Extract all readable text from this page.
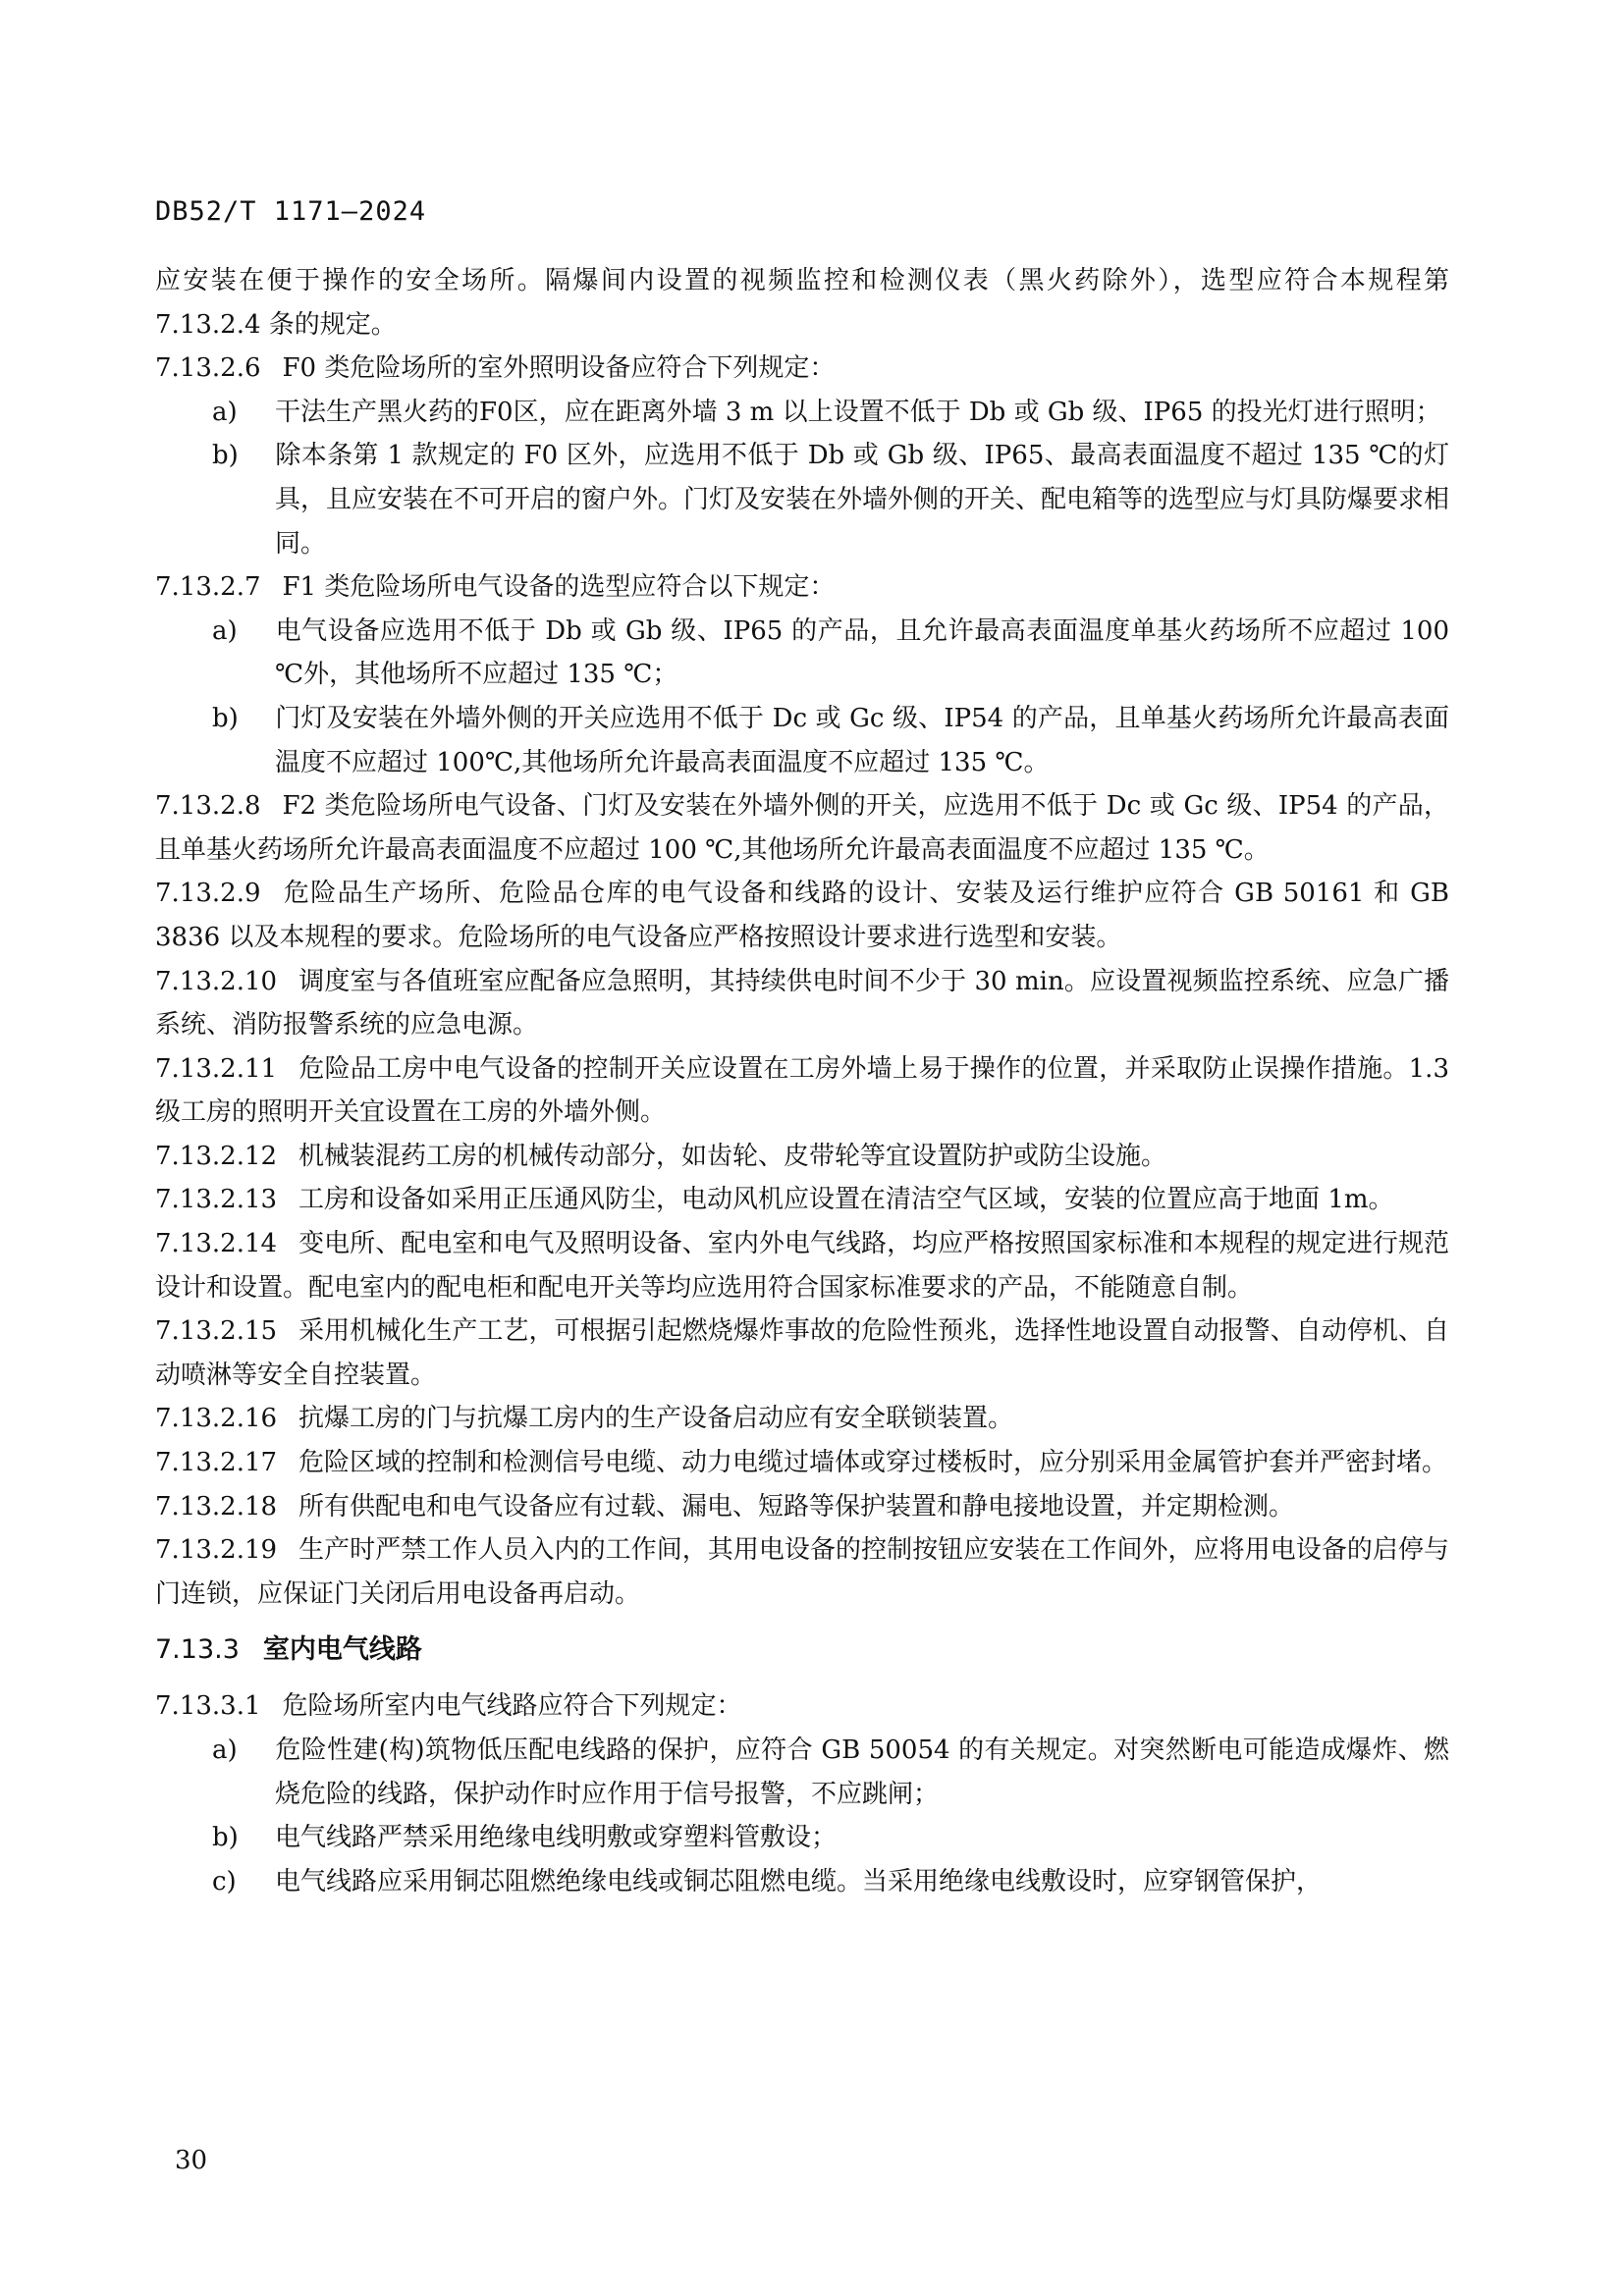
DB52/T 1171—2024

应安装在便于操作的安全场所。隔爆间内设置的视频监控和检测仪表（黑火药除外），选型应符合本规程第 7.13.2.4 条的规定。

7.13.2.6 F0 类危险场所的室外照明设备应符合下列规定：

a) 干法生产黑火药的F0区，应在距离外墙 3 m 以上设置不低于 Db 或 Gb 级、IP65 的投光灯进行照明；

b) 除本条第 1 款规定的 F0 区外，应选用不低于 Db 或 Gb 级、IP65、最高表面温度不超过 135 ℃的灯具，且应安装在不可开启的窗户外。门灯及安装在外墙外侧的开关、配电箱等的选型应与灯具防爆要求相同。

7.13.2.7 F1 类危险场所电气设备的选型应符合以下规定：

a) 电气设备应选用不低于 Db 或 Gb 级、IP65 的产品，且允许最高表面温度单基火药场所不应超过 100 ℃外，其他场所不应超过 135 ℃；

b) 门灯及安装在外墙外侧的开关应选用不低于 Dc 或 Gc 级、IP54 的产品，且单基火药场所允许最高表面温度不应超过 100℃,其他场所允许最高表面温度不应超过 135 ℃。

7.13.2.8 F2 类危险场所电气设备、门灯及安装在外墙外侧的开关，应选用不低于 Dc 或 Gc 级、IP54 的产品，且单基火药场所允许最高表面温度不应超过 100 ℃,其他场所允许最高表面温度不应超过 135 ℃。

7.13.2.9 危险品生产场所、危险品仓库的电气设备和线路的设计、安装及运行维护应符合 GB 50161 和 GB 3836 以及本规程的要求。危险场所的电气设备应严格按照设计要求进行选型和安装。

7.13.2.10 调度室与各值班室应配备应急照明，其持续供电时间不少于 30 min。应设置视频监控系统、应急广播系统、消防报警系统的应急电源。

7.13.2.11 危险品工房中电气设备的控制开关应设置在工房外墙上易于操作的位置，并采取防止误操作措施。1.3 级工房的照明开关宜设置在工房的外墙外侧。

7.13.2.12 机械装混药工房的机械传动部分，如齿轮、皮带轮等宜设置防护或防尘设施。

7.13.2.13 工房和设备如采用正压通风防尘，电动风机应设置在清洁空气区域，安装的位置应高于地面 1m。

7.13.2.14 变电所、配电室和电气及照明设备、室内外电气线路，均应严格按照国家标准和本规程的规定进行规范设计和设置。配电室内的配电柜和配电开关等均应选用符合国家标准要求的产品，不能随意自制。

7.13.2.15 采用机械化生产工艺，可根据引起燃烧爆炸事故的危险性预兆，选择性地设置自动报警、自动停机、自动喷淋等安全自控装置。

7.13.2.16 抗爆工房的门与抗爆工房内的生产设备启动应有安全联锁装置。

7.13.2.17 危险区域的控制和检测信号电缆、动力电缆过墙体或穿过楼板时，应分别采用金属管护套并严密封堵。

7.13.2.18 所有供配电和电气设备应有过载、漏电、短路等保护装置和静电接地设置，并定期检测。

7.13.2.19 生产时严禁工作人员入内的工作间，其用电设备的控制按钮应安装在工作间外，应将用电设备的启停与门连锁，应保证门关闭后用电设备再启动。

7.13.3 室内电气线路

7.13.3.1 危险场所室内电气线路应符合下列规定：

a) 危险性建(构)筑物低压配电线路的保护，应符合 GB 50054 的有关规定。对突然断电可能造成爆炸、燃烧危险的线路，保护动作时应作用于信号报警，不应跳闸；

b) 电气线路严禁采用绝缘电线明敷或穿塑料管敷设；

c) 电气线路应采用铜芯阻燃绝缘电线或铜芯阻燃电缆。当采用绝缘电线敷设时，应穿钢管保护，

30
